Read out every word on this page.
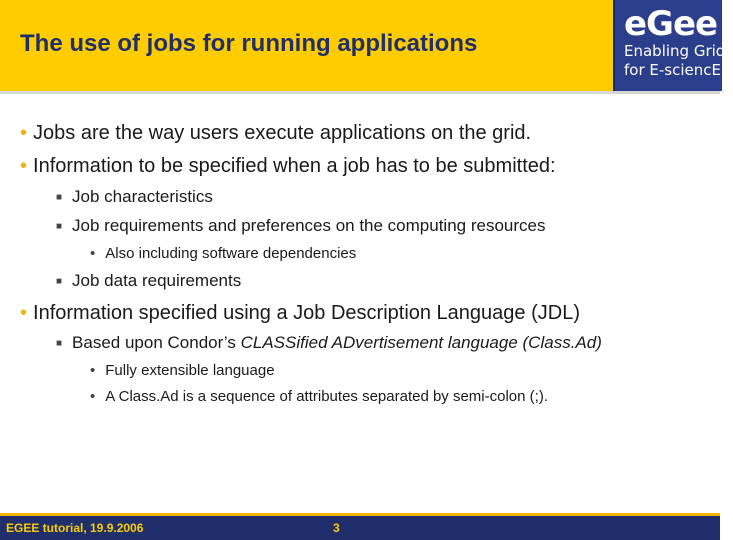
The use of jobs for running applications	eGee
Enabling Grids
for E-sciencE
• Jobs are the way users execute applications on the grid.
• Information to be specified when a job has to be submitted:
■ Job characteristics
■ Job requirements and preferences on the computing resources
• Also including software dependencies
■ Job data requirements
• Information specified using a Job Description Language (JDL)
■ Based upon Condor’s CLASSified ADvertisement language (Class.Ad)
• Fully extensible language
• A Class.Ad is a sequence of attributes separated by semi-colon (;).
EGEE tutorial, 19.9.2006	3
